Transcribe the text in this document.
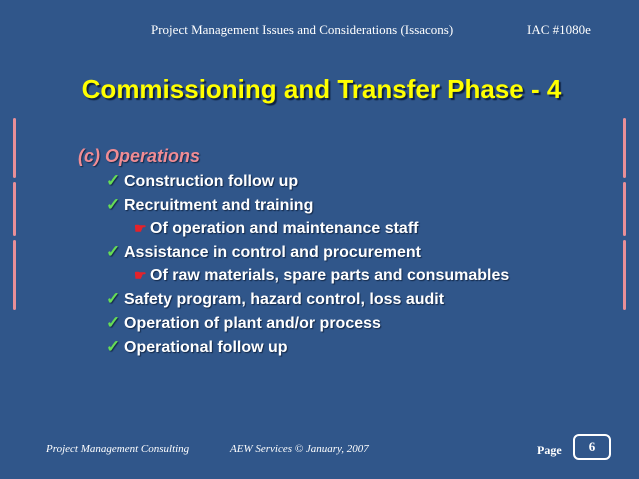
Project Management Issues and Considerations (Issacons)	IAC #1080e
Commissioning and Transfer Phase - 4
(c) Operations
✓ Construction follow up
✓ Recruitment and training
☛ Of operation and maintenance staff
✓ Assistance in control and procurement
☛ Of raw materials, spare parts and consumables
✓ Safety program, hazard control, loss audit
✓ Operation of plant and/or process
✓ Operational follow up
Project Management Consulting	AEW Services © January, 2007	Page 6
